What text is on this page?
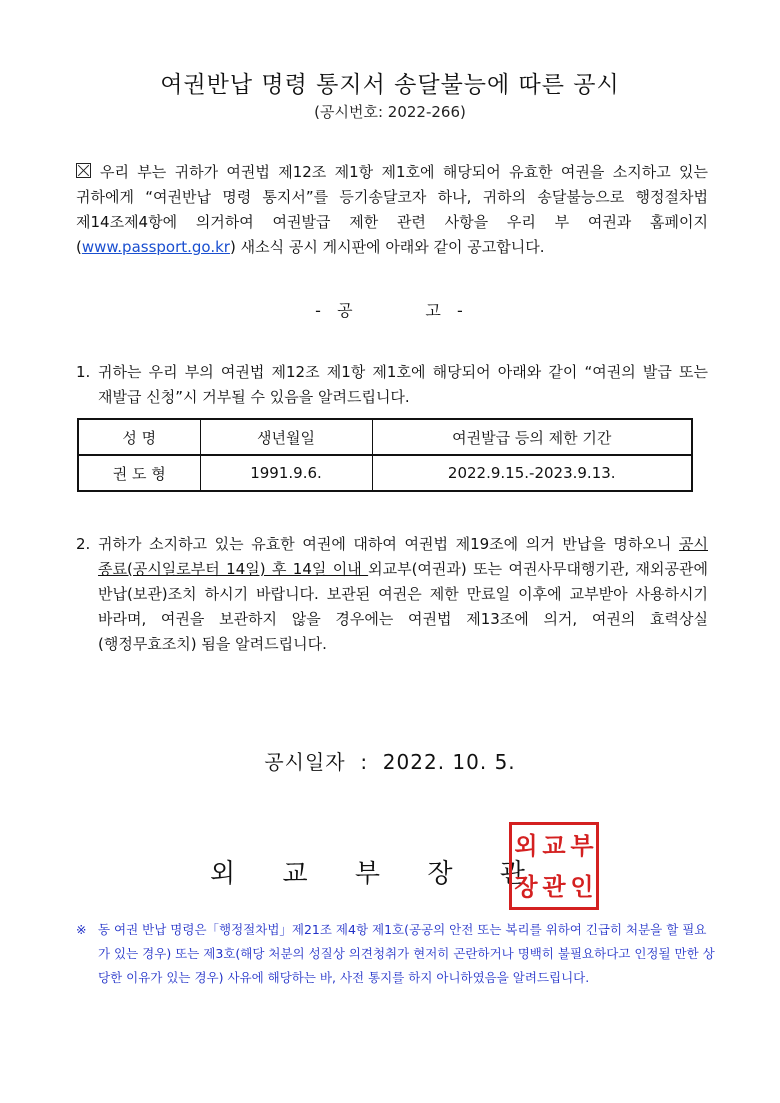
여권반납 명령 통지서 송달불능에 따른 공시
(공시번호: 2022-266)
우리 부는 귀하가 여권법 제12조 제1항 제1호에 해당되어 유효한 여권을 소지하고 있는 귀하에게 “여권반납 명령 통지서”를 등기송달코자 하나, 귀하의 송달불능으로 행정절차법 제14조제4항에 의거하여 여권발급 제한 관련 사항을 우리 부 여권과 홈페이지(www.passport.go.kr) 새소식 공시 게시판에 아래와 같이 공고합니다.
-  공          고  -
1. 귀하는 우리 부의 여권법 제12조 제1항 제1호에 해당되어 아래와 같이 “여권의 발급 또는 재발급 신청”시 거부될 수 있음을 알려드립니다.
성 명	생년월일	여권발급 등의 제한 기간
권 도 형	1991.9.6.	2022.9.15.-2023.9.13.
2. 귀하가 소지하고 있는 유효한 여권에 대하여 여권법 제19조에 의거 반납을 명하오니 공시 종료(공시일로부터 14일) 후 14일 이내 외교부(여권과) 또는 여권사무대행기관, 재외공관에 반납(보관)조치 하시기 바랍니다. 보관된 여권은 제한 만료일 이후에 교부받아 사용하시기 바라며, 여권을 보관하지 않을 경우에는 여권법 제13조에 의거, 여권의 효력상실(행정무효조치) 됨을 알려드립니다.
공시일자  :  2022. 10. 5.
외     교     부     장     관
외 교 부
장 관 인
※ 동 여권 반납 명령은「행정절차법」제21조 제4항 제1호(공공의 안전 또는 복리를 위하여 긴급히 처분을 할 필요가 있는 경우) 또는 제3호(해당 처분의 성질상 의견청취가 현저히 곤란하거나 명백히 불필요하다고 인정될 만한 상당한 이유가 있는 경우) 사유에 해당하는 바, 사전 통지를 하지 아니하였음을 알려드립니다.
